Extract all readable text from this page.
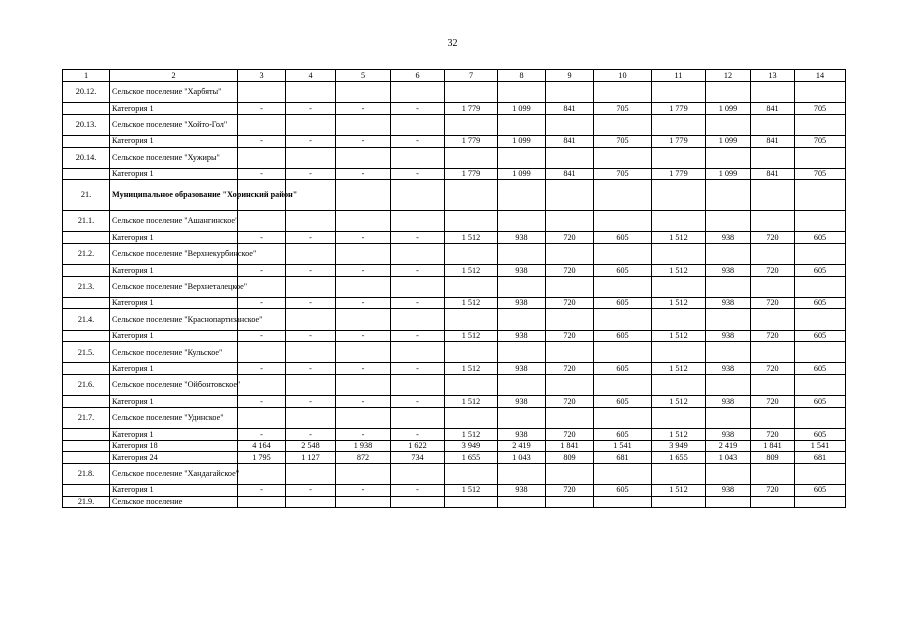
32
1	2	3	4	5	6	7	8	9	10	11	12	13	14
20.12.	Сельское поселение "Харбяты"												
	Категория 1	-	-	-	-	1 779	1 099	841	705	1 779	1 099	841	705
20.13.	Сельское поселение "Хойто-Гол"												
	Категория 1	-	-	-	-	1 779	1 099	841	705	1 779	1 099	841	705
20.14.	Сельское поселение "Хужиры"												
	Категория 1	-	-	-	-	1 779	1 099	841	705	1 779	1 099	841	705
21.	Муниципальное образование "Хоринский район"												
21.1.	Сельское поселение "Ашангинское"												
	Категория 1	-	-	-	-	1 512	938	720	605	1 512	938	720	605
21.2.	Сельское поселение "Верхнекурбинское"												
	Категория 1	-	-	-	-	1 512	938	720	605	1 512	938	720	605
21.3.	Сельское поселение "Верхнеталецкое"												
	Категория 1	-	-	-	-	1 512	938	720	605	1 512	938	720	605
21.4.	Сельское поселение "Краснопартизанское"												
	Категория 1	-	-	-	-	1 512	938	720	605	1 512	938	720	605
21.5.	Сельское поселение "Кульское"												
	Категория 1	-	-	-	-	1 512	938	720	605	1 512	938	720	605
21.6.	Сельское поселение "Ойбонтовское"												
	Категория 1	-	-	-	-	1 512	938	720	605	1 512	938	720	605
21.7.	Сельское поселение "Удинское"												
	Категория 1	-	-	-	-	1 512	938	720	605	1 512	938	720	605
	Категория 18	4 164	2 548	1 938	1 622	3 949	2 419	1 841	1 541	3 949	2 419	1 841	1 541
	Категория 24	1 795	1 127	872	734	1 655	1 043	809	681	1 655	1 043	809	681
21.8.	Сельское поселение "Хандагайское"												
	Категория 1	-	-	-	-	1 512	938	720	605	1 512	938	720	605
21.9.	Сельское поселение												
